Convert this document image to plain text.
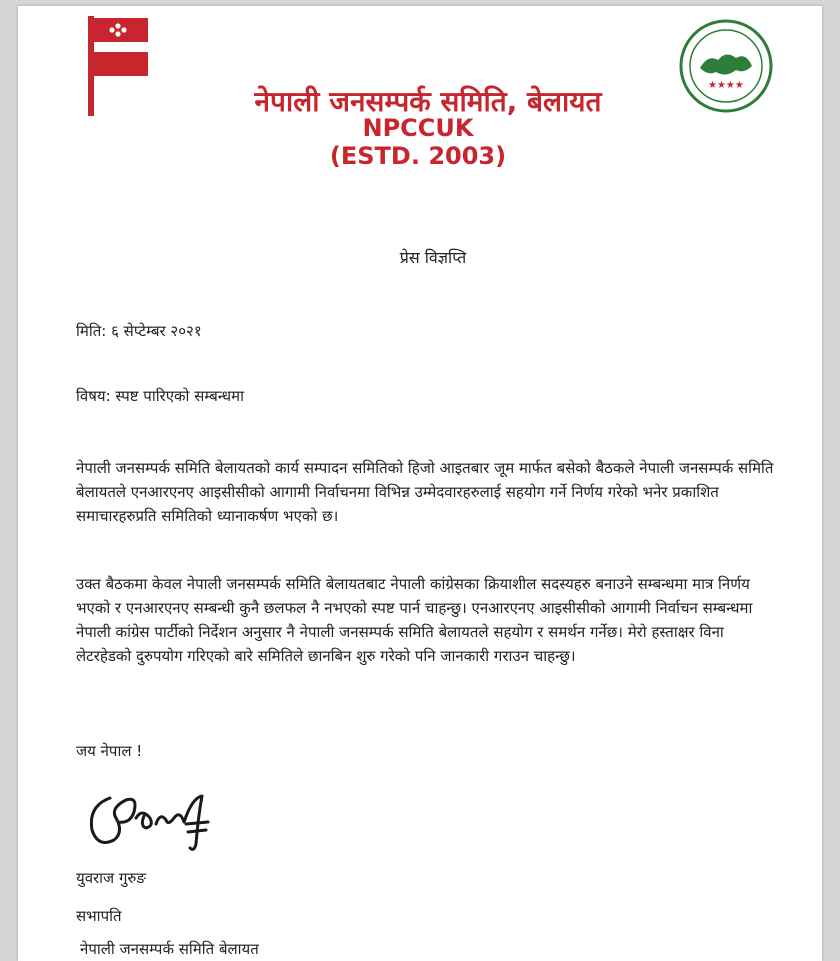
नेपाली जनसम्पर्क समिति, बेलायत
NPCCUK
(ESTD. 2003)
★★★★
प्रेस विज्ञप्ति

मिति: ६ सेप्टेम्बर २०२१

विषय: स्पष्ट पारिएको सम्बन्धमा

नेपाली जनसम्पर्क समिति बेलायतको कार्य सम्पादन समितिको हिजो आइतबार जूम मार्फत बसेको बैठकले नेपाली जनसम्पर्क समिति बेलायतले एनआरएनए आइसीसीको आगामी निर्वाचनमा विभिन्न उम्मेदवारहरुलाई सहयोग गर्ने निर्णय गरेको भनेर प्रकाशित समाचारहरुप्रति समितिको ध्यानाकर्षण भएको छ।

उक्त बैठकमा केवल नेपाली जनसम्पर्क समिति बेलायतबाट नेपाली कांग्रेसका क्रियाशील सदस्यहरु बनाउने सम्बन्धमा मात्र निर्णय भएको र एनआरएनए सम्बन्धी कुनै छलफल नै नभएको स्पष्ट पार्न चाहन्छु। एनआरएनए आइसीसीको आगामी निर्वाचन सम्बन्धमा नेपाली कांग्रेस पार्टीको निर्देशन अनुसार नै नेपाली जनसम्पर्क समिति बेलायतले सहयोग र समर्थन गर्नेछ। मेरो हस्ताक्षर विना लेटरहेडको दुरुपयोग गरिएको बारे समितिले छानबिन शुरु गरेको पनि जानकारी गराउन चाहन्छु।

जय नेपाल !

युवराज गुरुङ

सभापति

नेपाली जनसम्पर्क समिति बेलायत
